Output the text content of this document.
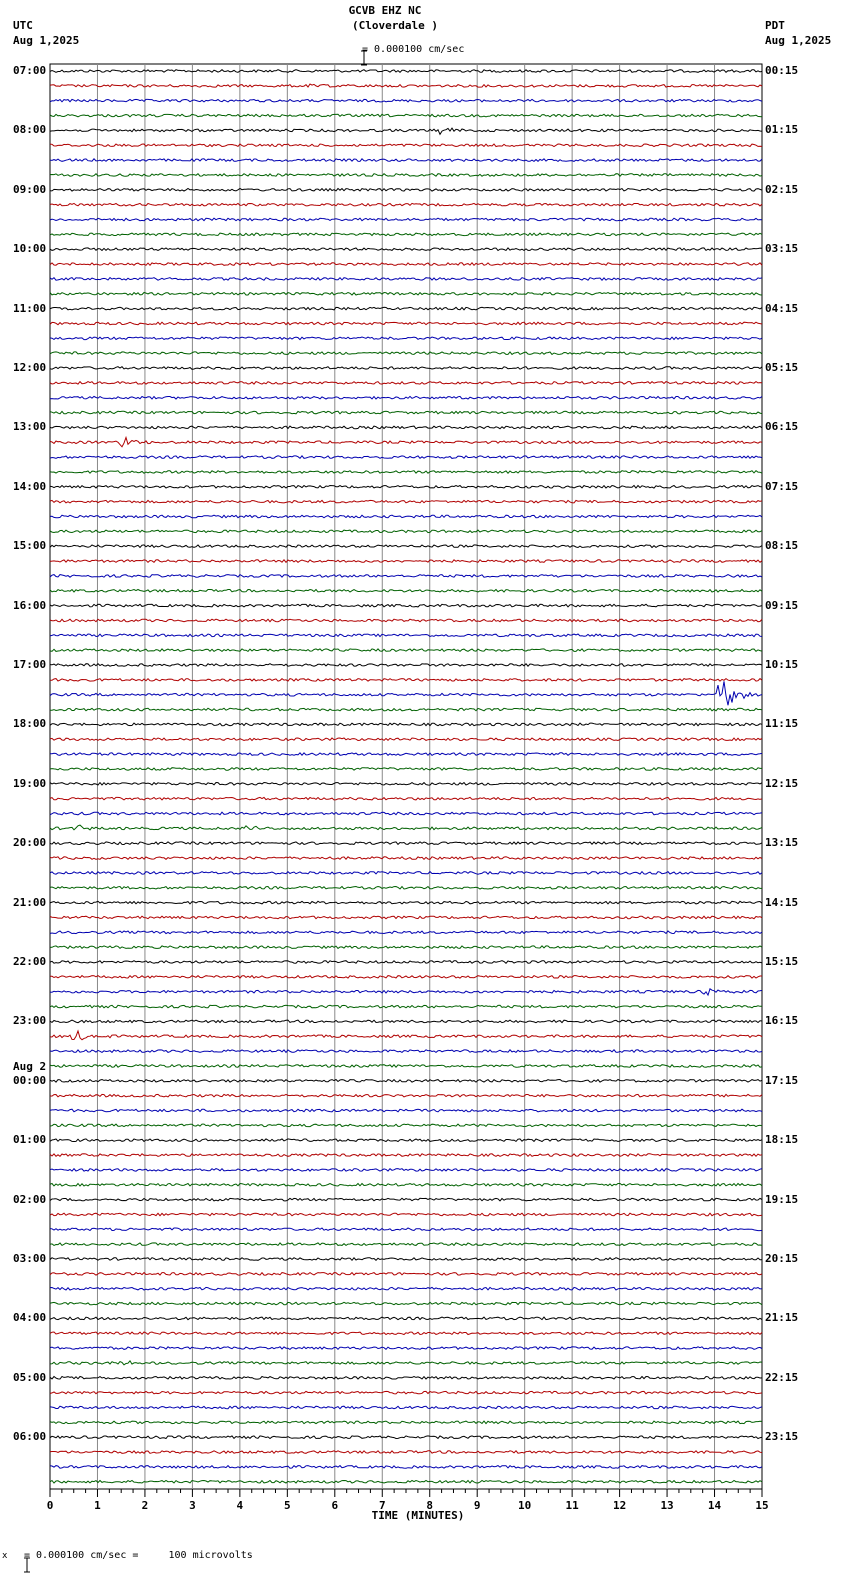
0	1	2	3	4	5	6	7	8	9	10	11	12	13	14	15
GCVB EHZ NC
(Cloverdale )

= 0.000100 cm/sec
UTC
Aug 1,2025
PDT
Aug 1,2025
07:00
08:00
09:00
10:00
11:00
12:00
13:00
14:00
15:00
16:00
17:00
18:00
19:00
20:00
21:00
22:00
23:00
00:00
01:00
02:00
03:00
04:00
05:00
06:00
00:15
01:15
02:15
03:15
04:15
05:15
06:15
07:15
08:15
09:15
10:15
11:15
12:15
13:15
14:15
15:15
16:15
17:15
18:15
19:15
20:15
21:15
22:15
23:15
Aug 2
TIME (MINUTES)
x

= 0.000100 cm/sec =     100 microvolts
